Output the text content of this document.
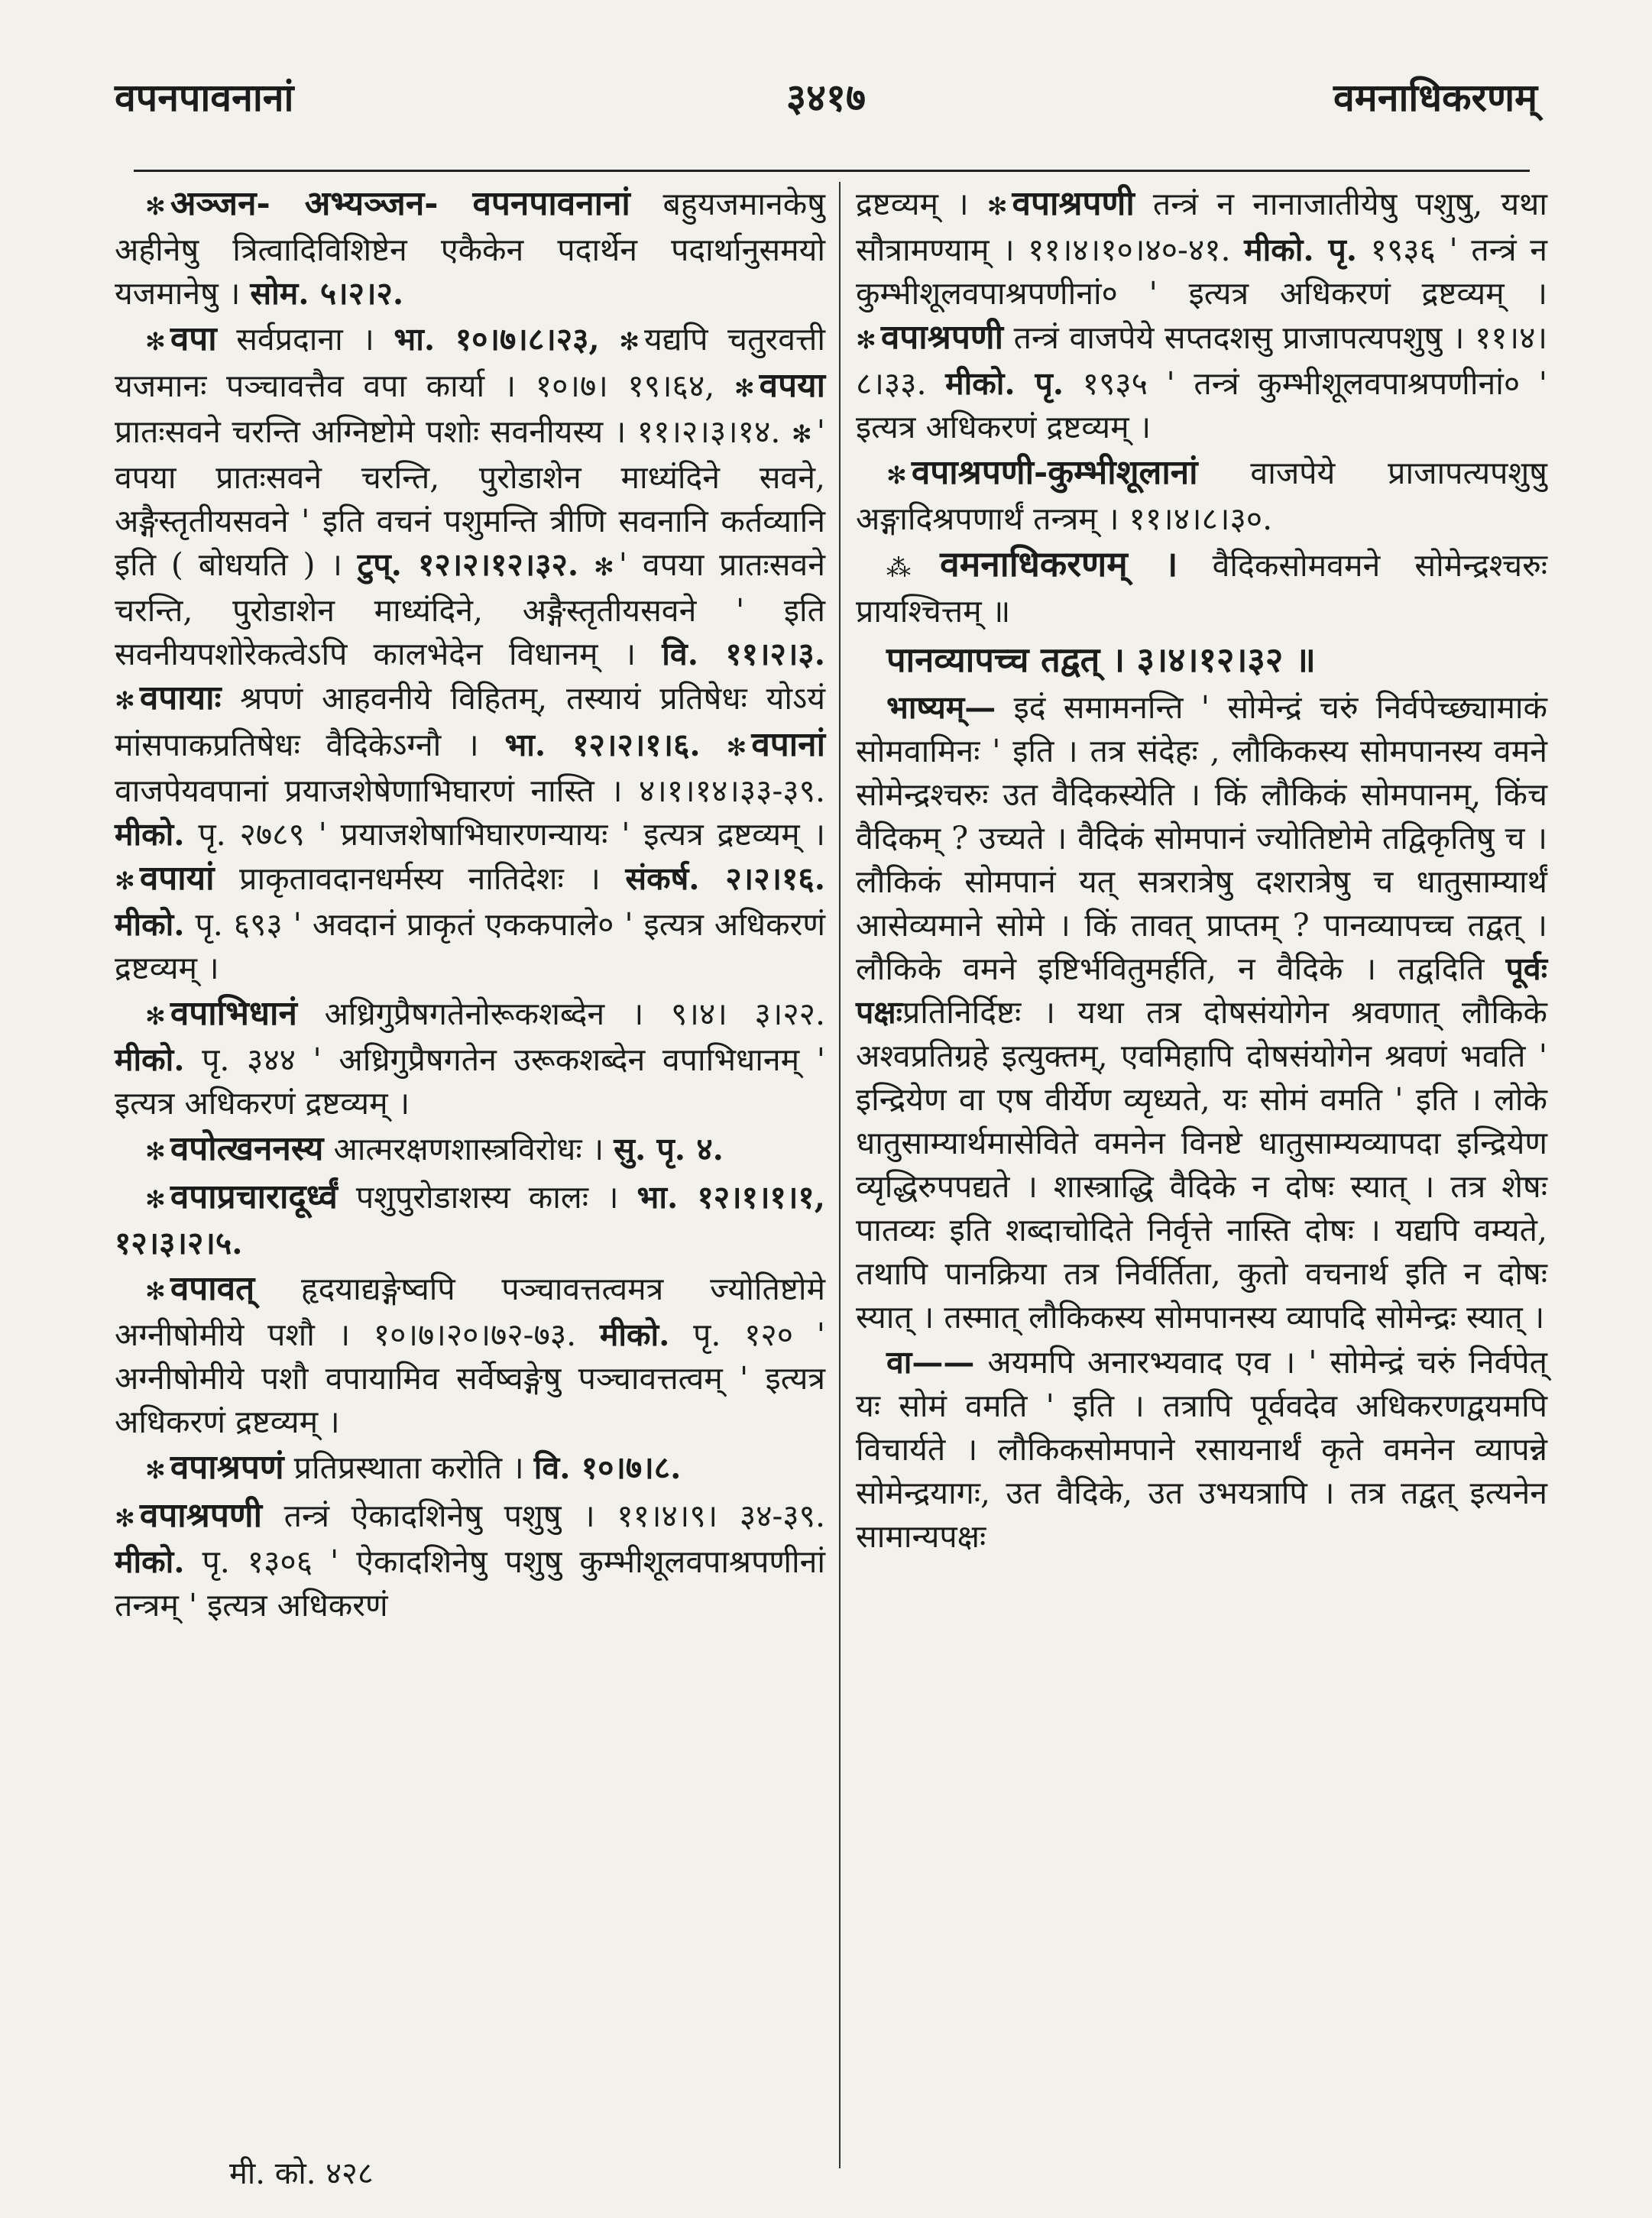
वपनपावनानां	३४१७	वमनाधिकरणम्

✻ अञ्जन- अभ्यञ्जन- वपनपावनानां बहुयजमानकेषु अहीनेषु त्रित्वादिविशिष्टेन एकैकेन पदार्थेन पदार्थानुसमयो यजमानेषु । सोम. ५।२।२.

✻ वपा सर्वप्रदाना । भा. १०।७।८।२३, ✻ यद्यपि चतुरवत्ती यजमानः पञ्चावत्तैव वपा कार्या । १०।७। १९।६४, ✻ वपया प्रातःसवने चरन्ति अग्निष्टोमे पशोः सवनीयस्य । ११।२।३।१४. ✻ ' वपया प्रातःसवने चरन्ति, पुरोडाशेन माध्यंदिने सवने, अङ्गैस्तृतीयसवने ' इति वचनं पशुमन्ति त्रीणि सवनानि कर्तव्यानि इति ( बोधयति ) । टुप्. १२।२।१२।३२. ✻ ' वपया प्रातःसवने चरन्ति, पुरोडाशेन माध्यंदिने, अङ्गैस्तृतीयसवने ' इति सवनीयपशोरेकत्वेऽपि कालभेदेन विधानम् । वि. ११।२।३. ✻ वपायाः श्रपणं आहवनीये विहितम्, तस्यायं प्रतिषेधः योऽयं मांसपाकप्रतिषेधः वैदिकेऽग्नौ । भा. १२।२।१।६. ✻ वपानां वाजपेयवपानां प्रयाजशेषेणाभिघारणं नास्ति । ४।१।१४।३३-३९. मीको. पृ. २७८९ ' प्रयाजशेषाभिघारणन्यायः ' इत्यत्र द्रष्टव्यम् । ✻ वपायां प्राकृतावदानधर्मस्य नातिदेशः । संकर्ष. २।२।१६. मीको. पृ. ६९३ ' अवदानं प्राकृतं एककपाले० ' इत्यत्र अधिकरणं द्रष्टव्यम् ।

✻ वपाभिधानं अध्रिगुप्रैषगतेनोरूकशब्देन । ९।४। ३।२२. मीको. पृ. ३४४ ' अध्रिगुप्रैषगतेन उरूकशब्देन वपाभिधानम् ' इत्यत्र अधिकरणं द्रष्टव्यम् ।

✻ वपोत्खननस्य आत्मरक्षणशास्त्रविरोधः । सु. पृ. ४.

✻ वपाप्रचारादूर्ध्वं पशुपुरोडाशस्य कालः । भा. १२।१।१।१, १२।३।२।५.

✻ वपावत् हृदयाद्यङ्गेष्वपि पञ्चावत्तत्वमत्र ज्योतिष्टोमे अग्नीषोमीये पशौ । १०।७।२०।७२-७३. मीको. पृ. १२० ' अग्नीषोमीये पशौ वपायामिव सर्वेष्वङ्गेषु पञ्चावत्तत्वम् ' इत्यत्र अधिकरणं द्रष्टव्यम् ।

✻ वपाश्रपणं प्रतिप्रस्थाता करोति । वि. १०।७।८.

✻ वपाश्रपणी तन्त्रं ऐकादशिनेषु पशुषु । ११।४।९। ३४-३९. मीको. पृ. १३०६ ' ऐकादशिनेषु पशुषु कुम्भीशूलवपाश्रपणीनां तन्त्रम् ' इत्यत्र अधिकरणं

द्रष्टव्यम् । ✻ वपाश्रपणी तन्त्रं न नानाजातीयेषु पशुषु, यथा सौत्रामण्याम् । ११।४।१०।४०-४१. मीको. पृ. १९३६ ' तन्त्रं न कुम्भीशूलवपाश्रपणीनां० ' इत्यत्र अधिकरणं द्रष्टव्यम् । ✻ वपाश्रपणी तन्त्रं वाजपेये सप्तदशसु प्राजापत्यपशुषु । ११।४।८।३३. मीको. पृ. १९३५ ' तन्त्रं कुम्भीशूलवपाश्रपणीनां० ' इत्यत्र अधिकरणं द्रष्टव्यम् ।

✻ वपाश्रपणी-कुम्भीशूलानां वाजपेये प्राजापत्यपशुषु अङ्गादिश्रपणार्थं तन्त्रम् । ११।४।८।३०.

⁂ वमनाधिकरणम् । वैदिकसोमवमने सोमेन्द्रश्चरुः प्रायश्चित्तम् ॥

पानव्यापच्च तद्वत् । ३।४।१२।३२ ॥

भाष्यम्— इदं समामनन्ति ' सोमेन्द्रं चरुं निर्वपेच्छ्यामाकं सोमवामिनः ' इति । तत्र संदेहः , लौकिकस्य सोमपानस्य वमने सोमेन्द्रश्चरुः उत वैदिकस्येति । किं लौकिकं सोमपानम्, किंच वैदिकम् ? उच्यते । वैदिकं सोमपानं ज्योतिष्टोमे तद्विकृतिषु च । लौकिकं सोमपानं यत् सत्ररात्रेषु दशरात्रेषु च धातुसाम्यार्थं आसेव्यमाने सोमे । किं तावत् प्राप्तम् ? पानव्यापच्च तद्वत् । लौकिके वमने इष्टिर्भवितुमर्हति, न वैदिके । तद्वदिति पूर्वः पक्षःप्रतिनिर्दिष्टः । यथा तत्र दोषसंयोगेन श्रवणात् लौकिके अश्वप्रतिग्रहे इत्युक्तम्, एवमिहापि दोषसंयोगेन श्रवणं भवति ' इन्द्रियेण वा एष वीर्येण व्यृध्यते, यः सोमं वमति ' इति । लोके धातुसाम्यार्थमासेविते वमनेन विनष्टे धातुसाम्यव्यापदा इन्द्रियेण व्यृद्धिरुपपद्यते । शास्त्राद्धि वैदिके न दोषः स्यात् । तत्र शेषः पातव्यः इति शब्दाचोदिते निर्वृत्ते नास्ति दोषः । यद्यपि वम्यते, तथापि पानक्रिया तत्र निर्वर्तिता, कुतो वचनार्थ इति न दोषः स्यात् । तस्मात् लौकिकस्य सोमपानस्य व्यापदि सोमेन्द्रः स्यात् ।

वा—— अयमपि अनारभ्यवाद एव । ' सोमेन्द्रं चरुं निर्वपेत् यः सोमं वमति ' इति । तत्रापि पूर्ववदेव अधिकरणद्वयमपि विचार्यते । लौकिकसोमपाने रसायनार्थं कृते वमनेन व्यापन्ने सोमेन्द्रयागः, उत वैदिके, उत उभयत्रापि । तत्र तद्वत् इत्यनेन सामान्यपक्षः

मी. को. ४२८
